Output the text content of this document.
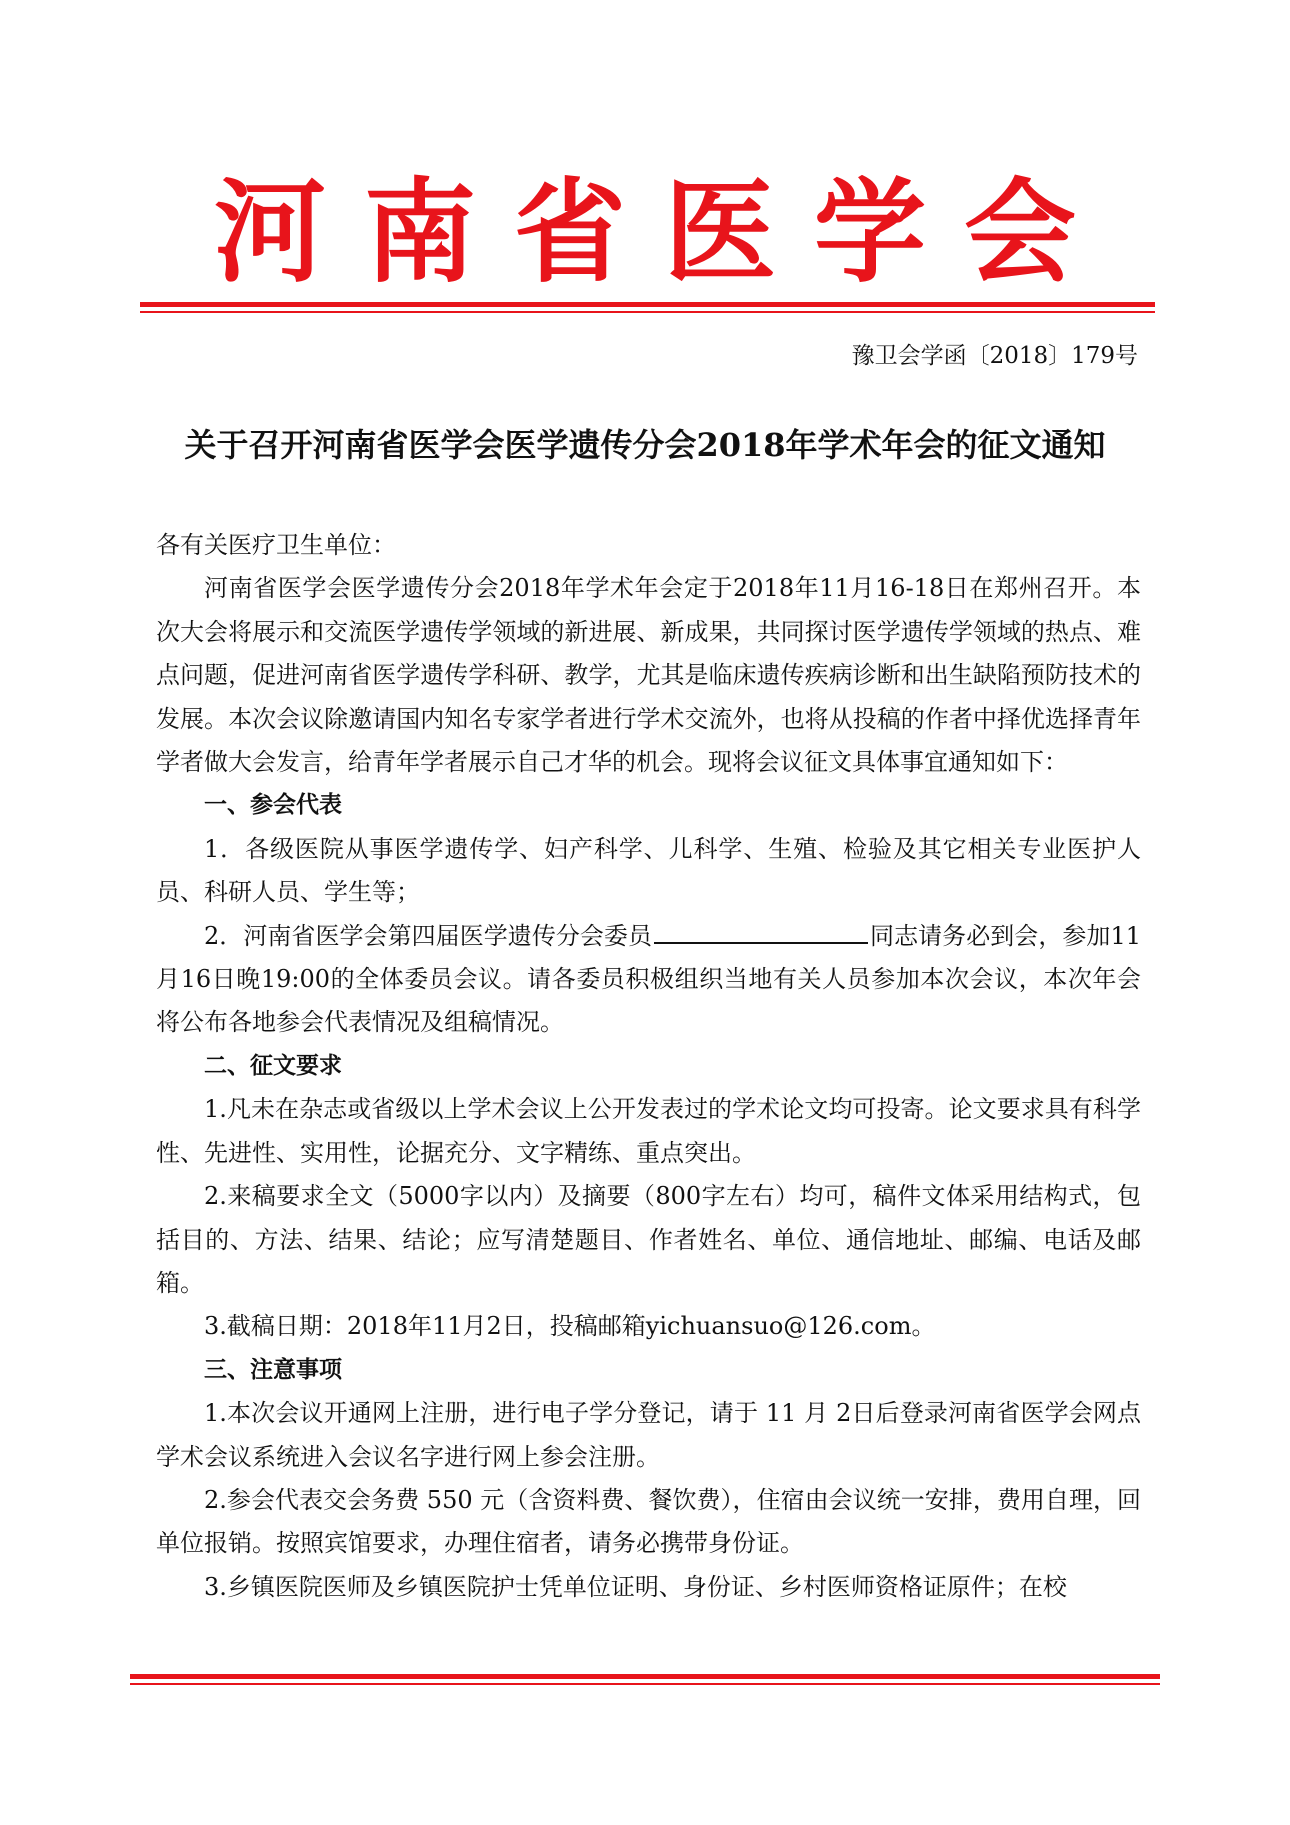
河南省医学会
豫卫会学函〔2018〕179号
关于召开河南省医学会医学遗传分会2018年学术年会的征文通知

各有关医疗卫生单位：

河南省医学会医学遗传分会2018年学术年会定于2018年11月16-18日在郑州召开。本次大会将展示和交流医学遗传学领域的新进展、新成果，共同探讨医学遗传学领域的热点、难点问题，促进河南省医学遗传学科研、教学，尤其是临床遗传疾病诊断和出生缺陷预防技术的发展。本次会议除邀请国内知名专家学者进行学术交流外，也将从投稿的作者中择优选择青年学者做大会发言，给青年学者展示自己才华的机会。现将会议征文具体事宜通知如下：

一、参会代表

1．各级医院从事医学遗传学、妇产科学、儿科学、生殖、检验及其它相关专业医护人员、科研人员、学生等；

2．河南省医学会第四届医学遗传分会委员	同志请务必到会，参加11月16日晚19:00的全体委员会议。请各委员积极组织当地有关人员参加本次会议，本次年会将公布各地参会代表情况及组稿情况。

二、征文要求

1.凡未在杂志或省级以上学术会议上公开发表过的学术论文均可投寄。论文要求具有科学性、先进性、实用性，论据充分、文字精练、重点突出。

2.来稿要求全文（5000字以内）及摘要（800字左右）均可，稿件文体采用结构式，包括目的、方法、结果、结论；应写清楚题目、作者姓名、单位、通信地址、邮编、电话及邮箱。

3.截稿日期：2018年11月2日，投稿邮箱yichuansuo@126.com。

三、注意事项

1.本次会议开通网上注册，进行电子学分登记，请于 11 月 2日后登录河南省医学会网点学术会议系统进入会议名字进行网上参会注册。

2.参会代表交会务费 550 元（含资料费、餐饮费），住宿由会议统一安排，费用自理，回单位报销。按照宾馆要求，办理住宿者，请务必携带身份证。

3.乡镇医院医师及乡镇医院护士凭单位证明、身份证、乡村医师资格证原件；在校
